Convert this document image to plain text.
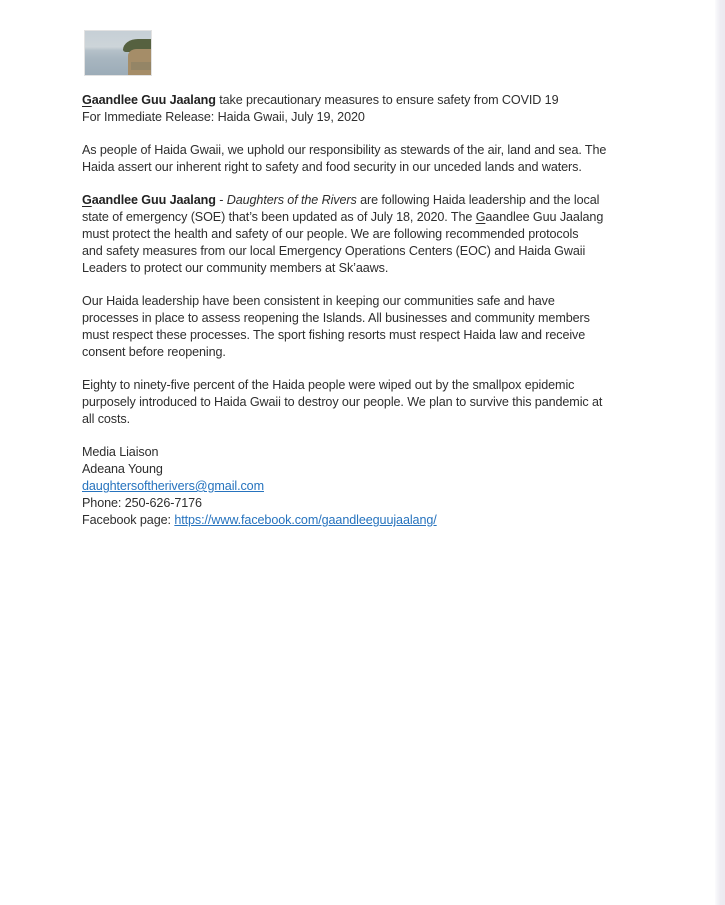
Gaandlee Guu Jaalang take precautionary measures to ensure safety from COVID 19
For Immediate Release: Haida Gwaii, July 19, 2020
As people of Haida Gwaii, we uphold our responsibility as stewards of the air, land and sea. The
Haida assert our inherent right to safety and food security in our unceded lands and waters.
Gaandlee Guu Jaalang - Daughters of the Rivers are following Haida leadership and the local
state of emergency (SOE) that’s been updated as of July 18, 2020. The Gaandlee Guu Jaalang
must protect the health and safety of our people. We are following recommended protocols
and safety measures from our local Emergency Operations Centers (EOC) and Haida Gwaii
Leaders to protect our community members at Sk’aaws.
Our Haida leadership have been consistent in keeping our communities safe and have
processes in place to assess reopening the Islands. All businesses and community members
must respect these processes. The sport fishing resorts must respect Haida law and receive
consent before reopening.
Eighty to ninety-five percent of the Haida people were wiped out by the smallpox epidemic
purposely introduced to Haida Gwaii to destroy our people. We plan to survive this pandemic at
all costs.
Media Liaison
Adeana Young
daughtersoftherivers@gmail.com
Phone: 250-626-7176
Facebook page: https://www.facebook.com/gaandleeguujaalang/
